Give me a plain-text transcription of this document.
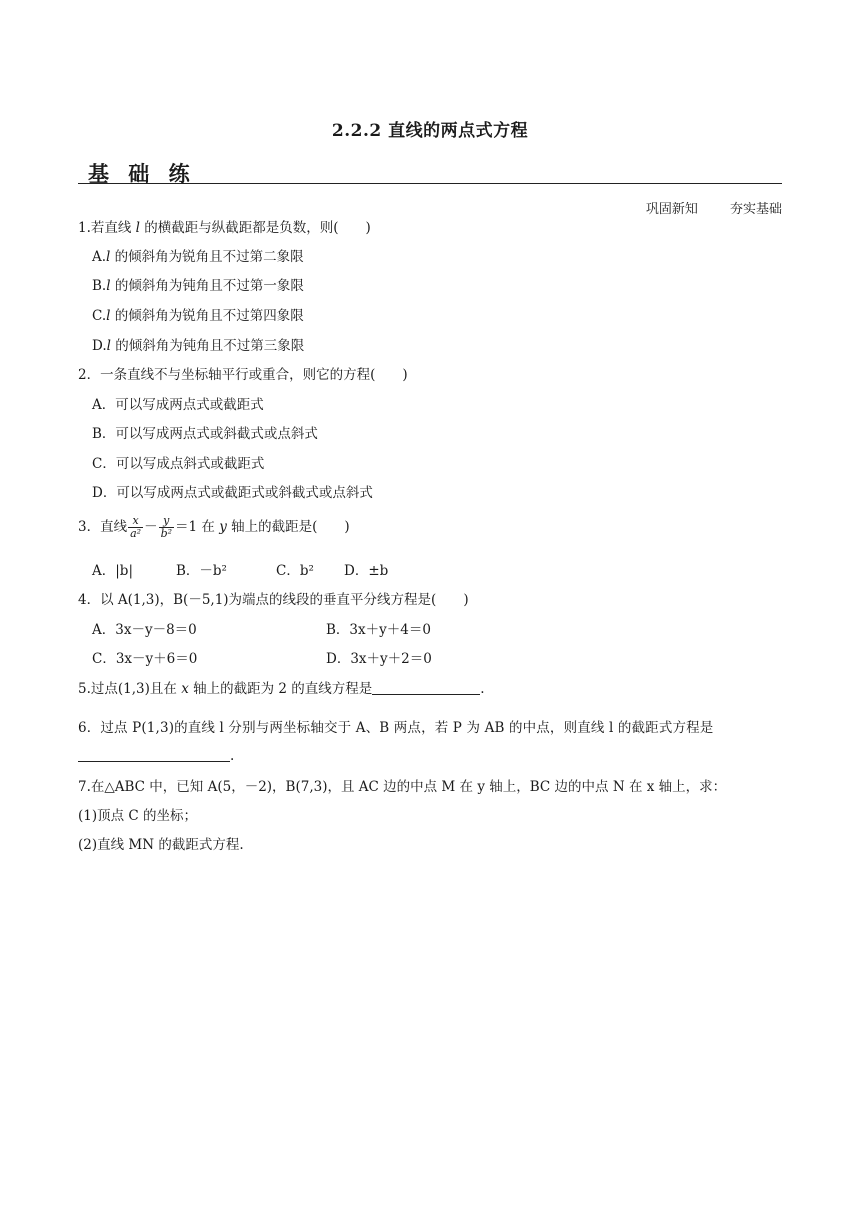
2.2.2 直线的两点式方程
基 础 练
巩固新知 夯实基础
1.若直线 l 的横截距与纵截距都是负数，则(　　)
A.l 的倾斜角为锐角且不过第二象限
B.l 的倾斜角为钝角且不过第一象限
C.l 的倾斜角为锐角且不过第四象限
D.l 的倾斜角为钝角且不过第三象限
2．一条直线不与坐标轴平行或重合，则它的方程(　　)
A．可以写成两点式或截距式
B．可以写成两点式或斜截式或点斜式
C．可以写成点斜式或截距式
D．可以写成两点式或截距式或斜截式或点斜式
3．直线 $\frac{x}{\text{a²}} - \frac{y}{\text{b²}} =1$ 在 y 轴上的截距是(　　)
A．|b|	B．－b²	C．b² D．±b
4．以 A(1,3)，B(－5,1)为端点的线段的垂直平分线方程是(　　)
A．3x－y－8＝0	B．3x＋y＋4＝0
C．3x－y＋6＝0	D．3x＋y＋2＝0
5.过点(1,3)且在 x 轴上的截距为 2 的直线方程是	.
6．过点 P(1,3)的直线 l 分别与两坐标轴交于 A、B 两点，若 P 为 AB 的中点，则直线 l 的截距式方程是
.
7.在△ABC 中，已知 A(5，－2)，B(7,3)，且 AC 边的中点 M 在 y 轴上，BC 边的中点 N 在 x 轴上，求：
(1)顶点 C 的坐标；
(2)直线 MN 的截距式方程.
